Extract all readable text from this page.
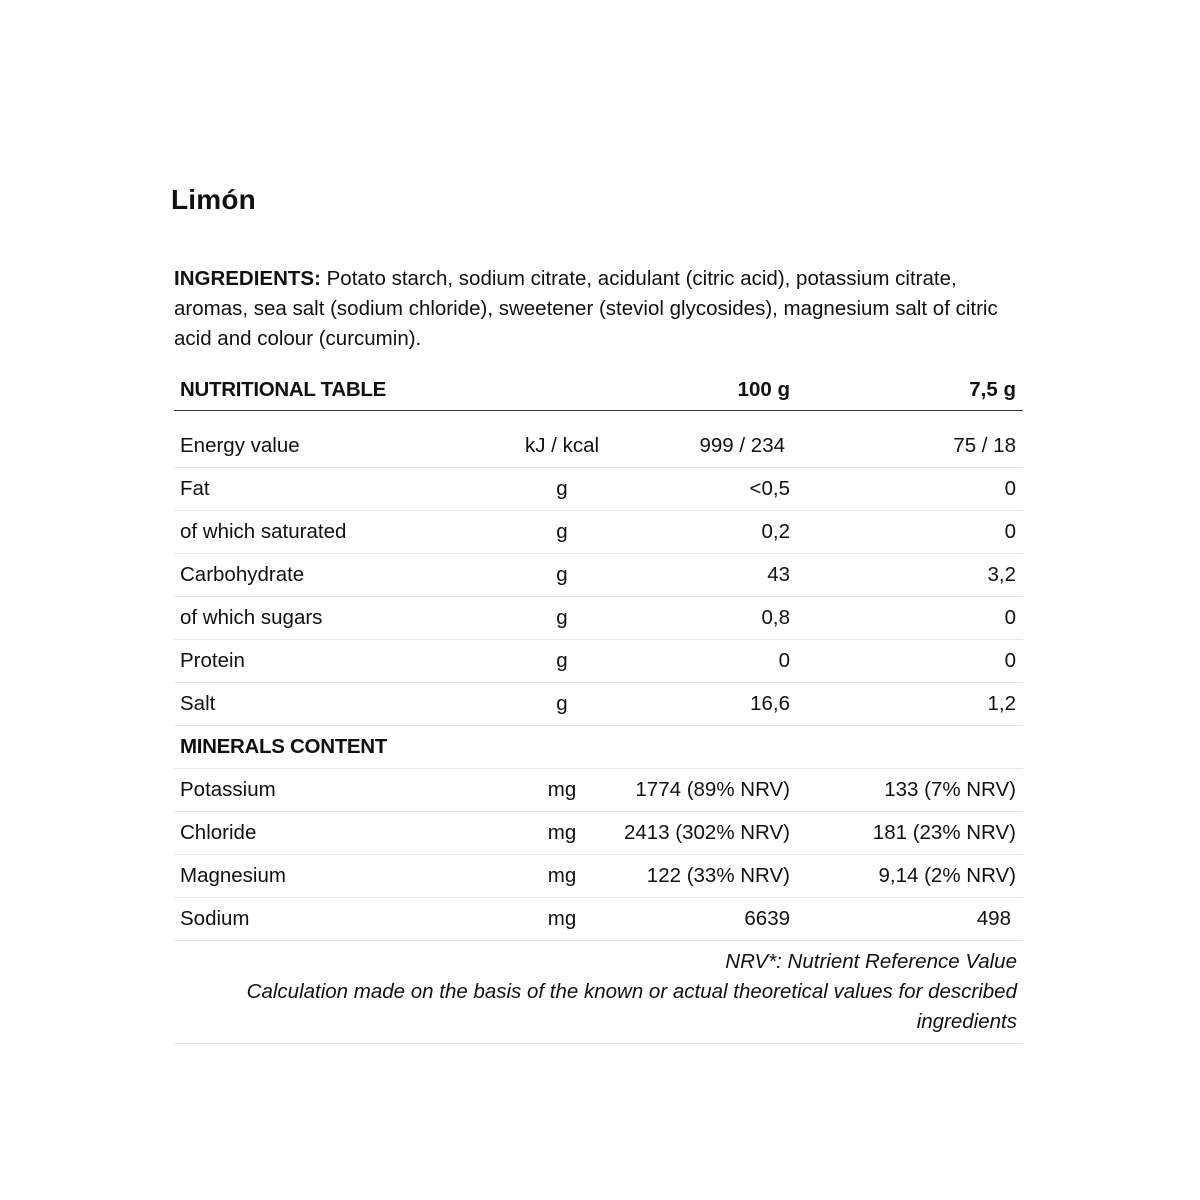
Limón

INGREDIENTS: Potato starch, sodium citrate, acidulant (citric acid), potassium citrate, aromas, sea salt (sodium chloride), sweetener (steviol glycosides), magnesium salt of citric acid and colour (curcumin).

NUTRITIONAL TABLE	100 g	7,5 g
Energy value	kJ / kcal	999 / 234	75 / 18
Fat	g	<0,5	0
of which saturated	g	0,2	0
Carbohydrate	g	43	3,2
of which sugars	g	0,8	0
Protein	g	0	0
Salt	g	16,6	1,2
MINERALS CONTENT
Potassium	mg	1774 (89% NRV)	133 (7% NRV)
Chloride	mg 2413 (302% NRV)	181 (23% NRV)
Magnesium	mg	122 (33% NRV)	9,14 (2% NRV)
Sodium	mg	6639	498

NRV*: Nutrient Reference Value

Calculation made on the basis of the known or actual theoretical values for described ingredients
